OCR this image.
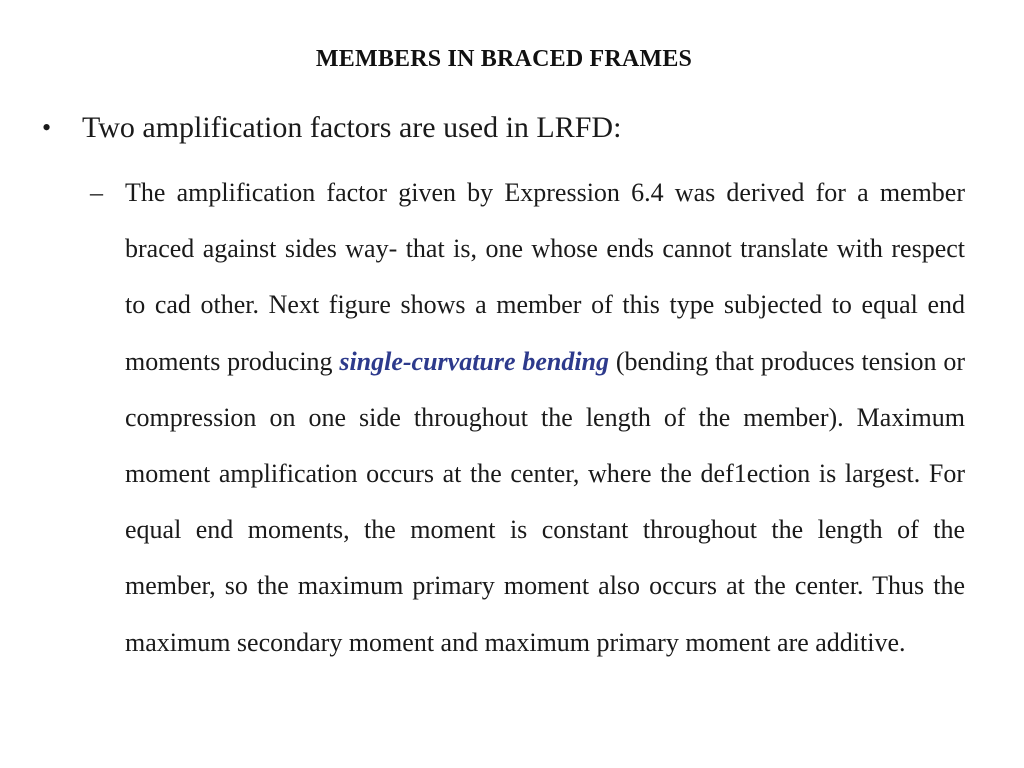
MEMBERS IN BRACED FRAMES
• Two amplification factors are used in LRFD:
– The amplification factor given by Expression 6.4 was derived for a member braced against sides way- that is, one whose ends cannot translate with respect to cad other. Next figure shows a member of this type subjected to equal end moments producing single-curvature bending (bending that produces tension or compression on one side throughout the length of the member). Maximum moment amplification occurs at the center, where the def1ection is largest. For equal end moments, the moment is constant throughout the length of the member, so the maximum primary moment also occurs at the center. Thus the maximum secondary moment and maximum primary moment are additive.
